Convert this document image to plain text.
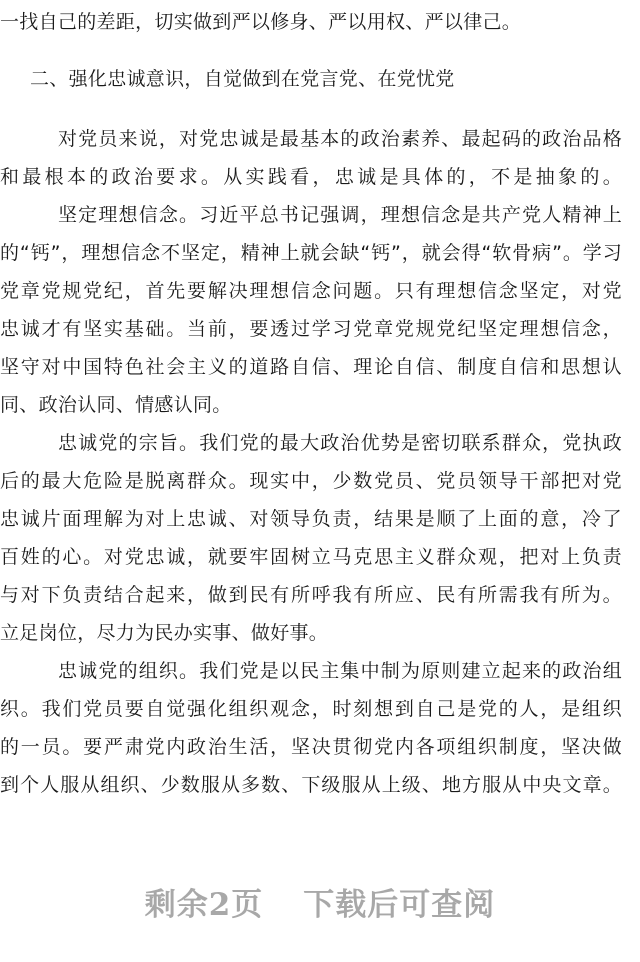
一找自己的差距，切实做到严以修身、严以用权、严以律己。
二、强化忠诚意识，自觉做到在党言党、在党忧党
对党员来说，对党忠诚是最基本的政治素养、最起码的政治品格
和最根本的政治要求。从实践看，忠诚是具体的，不是抽象的。
坚定理想信念。习近平总书记强调，理想信念是共产党人精神上
的“钙”，理想信念不坚定，精神上就会缺“钙”，就会得“软骨病”。学习
党章党规党纪，首先要解决理想信念问题。只有理想信念坚定，对党
忠诚才有坚实基础。当前，要透过学习党章党规党纪坚定理想信念，
坚守对中国特色社会主义的道路自信、理论自信、制度自信和思想认
同、政治认同、情感认同。
忠诚党的宗旨。我们党的最大政治优势是密切联系群众，党执政
后的最大危险是脱离群众。现实中，少数党员、党员领导干部把对党
忠诚片面理解为对上忠诚、对领导负责，结果是顺了上面的意，冷了
百姓的心。对党忠诚，就要牢固树立马克思主义群众观，把对上负责
与对下负责结合起来，做到民有所呼我有所应、民有所需我有所为。
立足岗位，尽力为民办实事、做好事。
忠诚党的组织。我们党是以民主集中制为原则建立起来的政治组
织。我们党员要自觉强化组织观念，时刻想到自己是党的人，是组织
的一员。要严肃党内政治生活，坚决贯彻党内各项组织制度，坚决做
到个人服从组织、少数服从多数、下级服从上级、地方服从中央文章。
剩余2页 下载后可查阅
